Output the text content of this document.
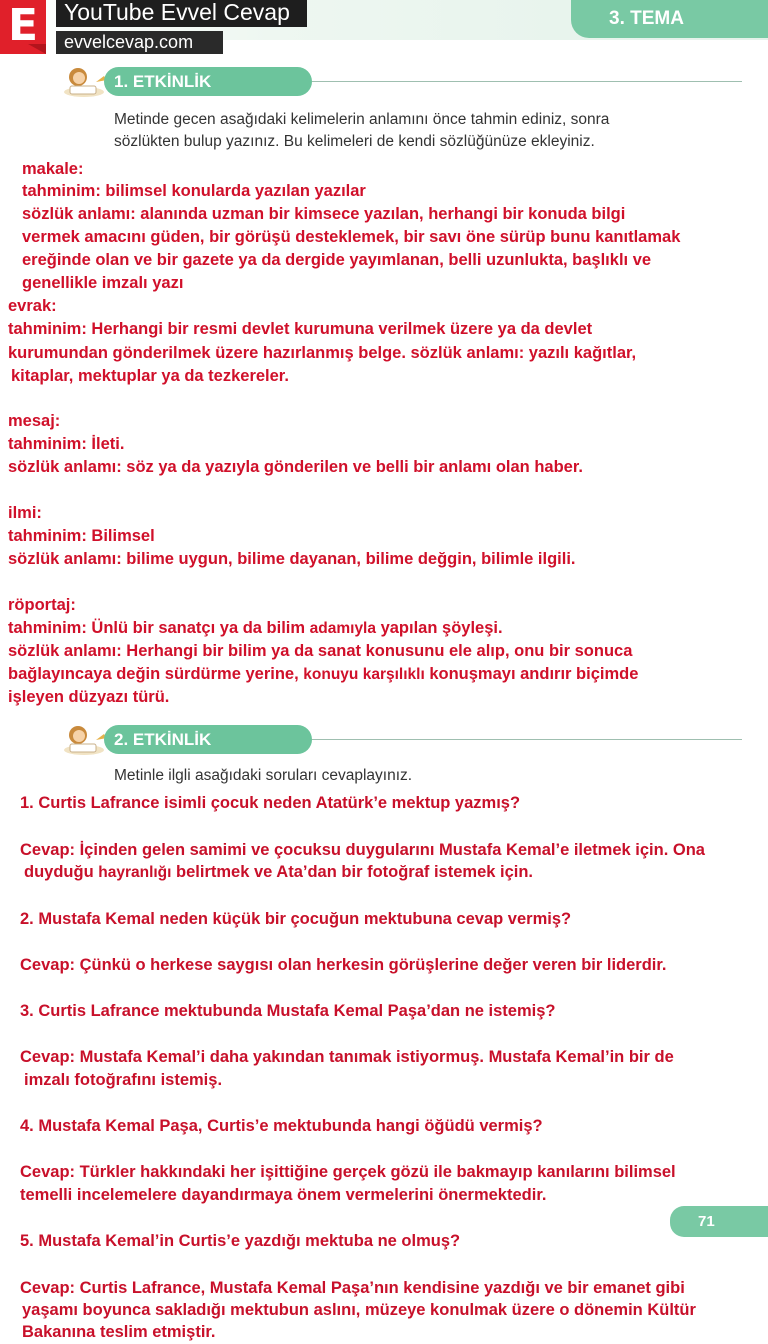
E	YouTube Evvel Cevap
evvelcevap.com
3. TEMA
1. ETKİNLİK
Metinde gecen asağıdaki kelimelerin anlamını önce tahmin ediniz, sonra
sözlükten bulup yazınız. Bu kelimeleri de kendi sözlüğünüze ekleyiniz.
makale:
tahminim: bilimsel konularda yazılan yazılar
sözlük anlamı: alanında uzman bir kimsece yazılan, herhangi bir konuda bilgi
vermek amacını güden, bir görüşü desteklemek, bir savı öne sürüp bunu kanıtlamak
ereğinde olan ve bir gazete ya da dergide yayımlanan, belli uzunlukta, başlıklı ve
genellikle imzalı yazı
evrak:
tahminim: Herhangi bir resmi devlet kurumuna verilmek üzere ya da devlet
kurumundan gönderilmek üzere hazırlanmış belge. sözlük anlamı: yazılı kağıtlar,
kitaplar, mektuplar ya da tezkereler.
mesaj:
tahminim: İleti.
sözlük anlamı: söz ya da yazıyla gönderilen ve belli bir anlamı olan haber.
ilmi:
tahminim: Bilimsel
sözlük anlamı: bilime uygun, bilime dayanan, bilime değgin, bilimle ilgili.
röportaj:
tahminim: Ünlü bir sanatçı ya da bilim adamıyla yapılan şöyleşi.
sözlük anlamı: Herhangi bir bilim ya da sanat konusunu ele alıp, onu bir sonuca
bağlayıncaya değin sürdürme yerine, konuyu karşılıklı konuşmayı andırır biçimde
işleyen düzyazı türü.
2. ETKİNLİK
Metinle ilgli asağıdaki soruları cevaplayınız.
1. Curtis Lafrance isimli çocuk neden Atatürk’e mektup yazmış?
Cevap: İçinden gelen samimi ve çocuksu duygularını Mustafa Kemal’e iletmek için. Ona
duyduğu hayranlığı belirtmek ve Ata’dan bir fotoğraf istemek için.
2. Mustafa Kemal neden küçük bir çocuğun mektubuna cevap vermiş?
Cevap: Çünkü o herkese saygısı olan herkesin görüşlerine değer veren bir liderdir.
3. Curtis Lafrance mektubunda Mustafa Kemal Paşa’dan ne istemiş?
Cevap: Mustafa Kemal’i daha yakından tanımak istiyormuş. Mustafa Kemal’in bir de
imzalı fotoğrafını istemiş.
4. Mustafa Kemal Paşa, Curtis’e mektubunda hangi öğüdü vermiş?
Cevap: Türkler hakkındaki her işittiğine gerçek gözü ile bakmayıp kanılarını bilimsel
temelli incelemelere dayandırmaya önem vermelerini önermektedir.
71
5. Mustafa Kemal’in Curtis’e yazdığı mektuba ne olmuş?
Cevap: Curtis Lafrance, Mustafa Kemal Paşa’nın kendisine yazdığı ve bir emanet gibi
yaşamı boyunca sakladığı mektubun aslını, müzeye konulmak üzere o dönemin Kültür
Bakanına teslim etmiştir.
